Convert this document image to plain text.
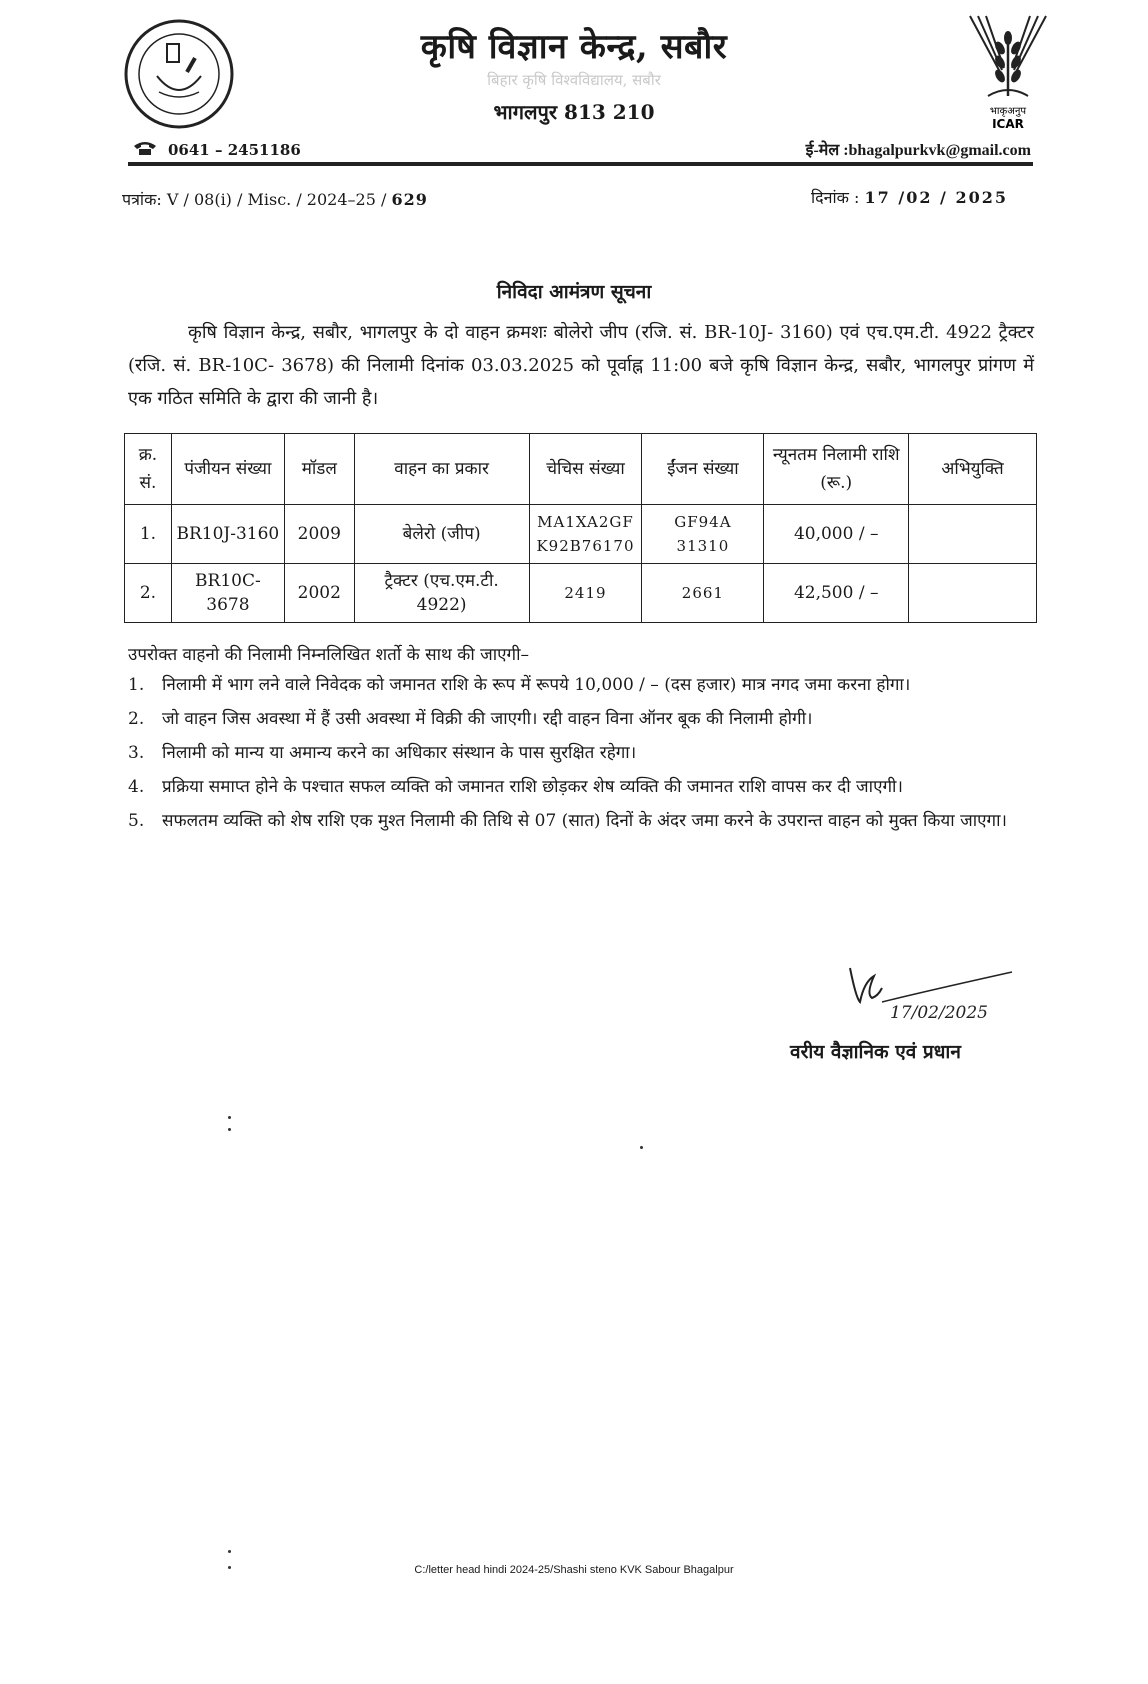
भाकृअनुप
ICAR
कृषि विज्ञान केन्द्र, सबौर
बिहार कृषि विश्वविद्यालय, सबौर
भागलपुर 813 210
0641 – 2451186	ई-मेल :bhagalpurkvk@gmail.com
पत्रांक: V / 08(i) / Misc. / 2024–25 / 629	दिनांक : 17 /02 / 2025
निविदा आमंत्रण सूचना
कृषि विज्ञान केन्द्र, सबौर, भागलपुर के दो वाहन क्रमशः बोलेरो जीप (रजि. सं. BR-10J- 3160) एवं एच.एम.टी. 4922 ट्रैक्टर (रजि. सं. BR-10C- 3678) की निलामी दिनांक 03.03.2025 को पूर्वाह्न 11:00 बजे कृषि विज्ञान केन्द्र, सबौर, भागलपुर प्रांगण में एक गठित समिति के द्वारा की जानी है।
क्र. सं.	पंजीयन संख्या	मॉडल	वाहन का प्रकार	चेचिस संख्या	ईंजन संख्या	न्यूनतम निलामी राशि (रू.)	अभियुक्ति
1.	BR10J-3160	2009	बेलेरो (जीप)	MA1XA2GF K92B76170	GF94A 31310	40,000 / –	
2.	BR10C-3678	2002	ट्रैक्टर (एच.एम.टी. 4922)	2419	2661	42,500 / –	
उपरोक्त वाहनो की निलामी निम्नलिखित शर्तो के साथ की जाएगी–
1. निलामी में भाग लने वाले निवेदक को जमानत राशि के रूप में रूपये 10,000 / – (दस हजार) मात्र नगद जमा करना होगा।
2. जो वाहन जिस अवस्था में हैं उसी अवस्था में विक्री की जाएगी। रद्दी वाहन विना ऑनर बूक की निलामी होगी।
3. निलामी को मान्य या अमान्य करने का अधिकार संस्थान के पास सुरक्षित रहेगा।
4. प्रक्रिया समाप्त होने के पश्चात सफल व्यक्ति को जमानत राशि छोड़कर शेष व्यक्ति की जमानत राशि वापस कर दी जाएगी।
5. सफलतम व्यक्ति को शेष राशि एक मुश्त निलामी की तिथि से 07 (सात) दिनों के अंदर जमा करने के उपरान्त वाहन को मुक्त किया जाएगा।
17/02/2025
वरीय वैज्ञानिक एवं प्रधान
C:/letter head hindi 2024-25/Shashi steno KVK Sabour Bhagalpur
